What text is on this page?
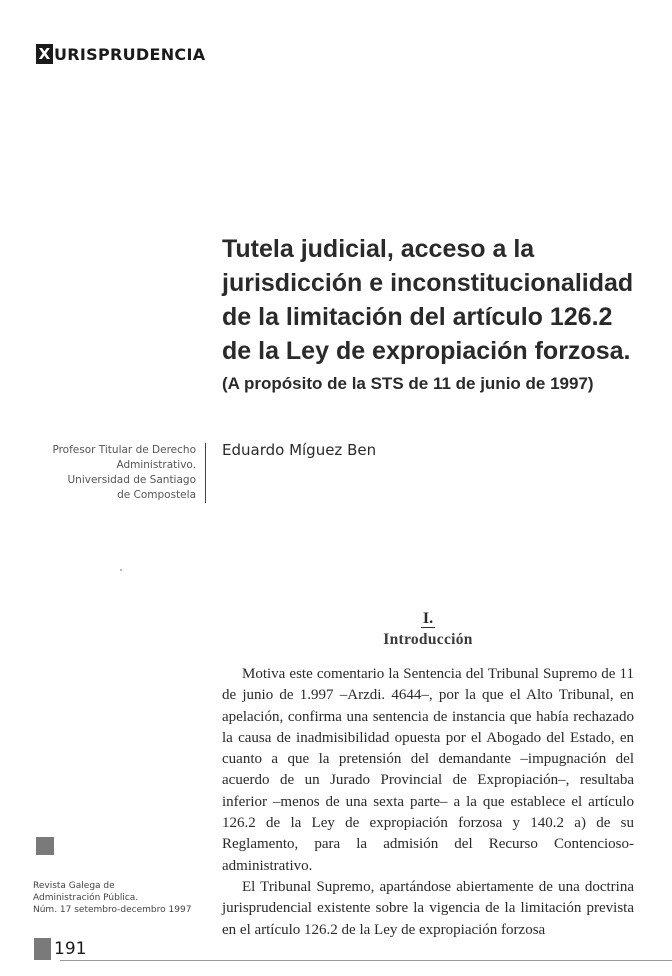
X URISPRUDENCIA
Tutela judicial, acceso a la
jurisdicción e inconstitucionalidad
de la limitación del artículo 126.2
de la Ley de expropiación forzosa.
(A propósito de la STS de 11 de junio de 1997)
Profesor Titular de Derecho
Administrativo.
Universidad de Santiago
de Compostela
Eduardo Míguez Ben
I.
Introducción

Motiva este comentario la Sentencia del Tribunal Supremo de 11 de junio de 1.997 –Arzdi. 4644–, por la que el Alto Tribunal, en apelación, confirma una sentencia de instancia que había rechazado la causa de inadmisibilidad opuesta por el Abogado del Estado, en cuanto a que la pretensión del demandante –impugnación del acuerdo de un Jurado Provincial de Expropiación–, resultaba inferior –menos de una sexta parte– a la que establece el artículo 126.2 de la Ley de expropiación forzosa y 140.2 a) de su Reglamento, para la admisión del Recurso Contencioso-administrativo.

El Tribunal Supremo, apartándose abiertamente de una doctrina jurisprudencial existente sobre la vigencia de la limitación prevista en el artículo 126.2 de la Ley de expropiación forzosa

Revista Galega de
Administración Pública.
Núm. 17 setembro-decembro 1997
191
